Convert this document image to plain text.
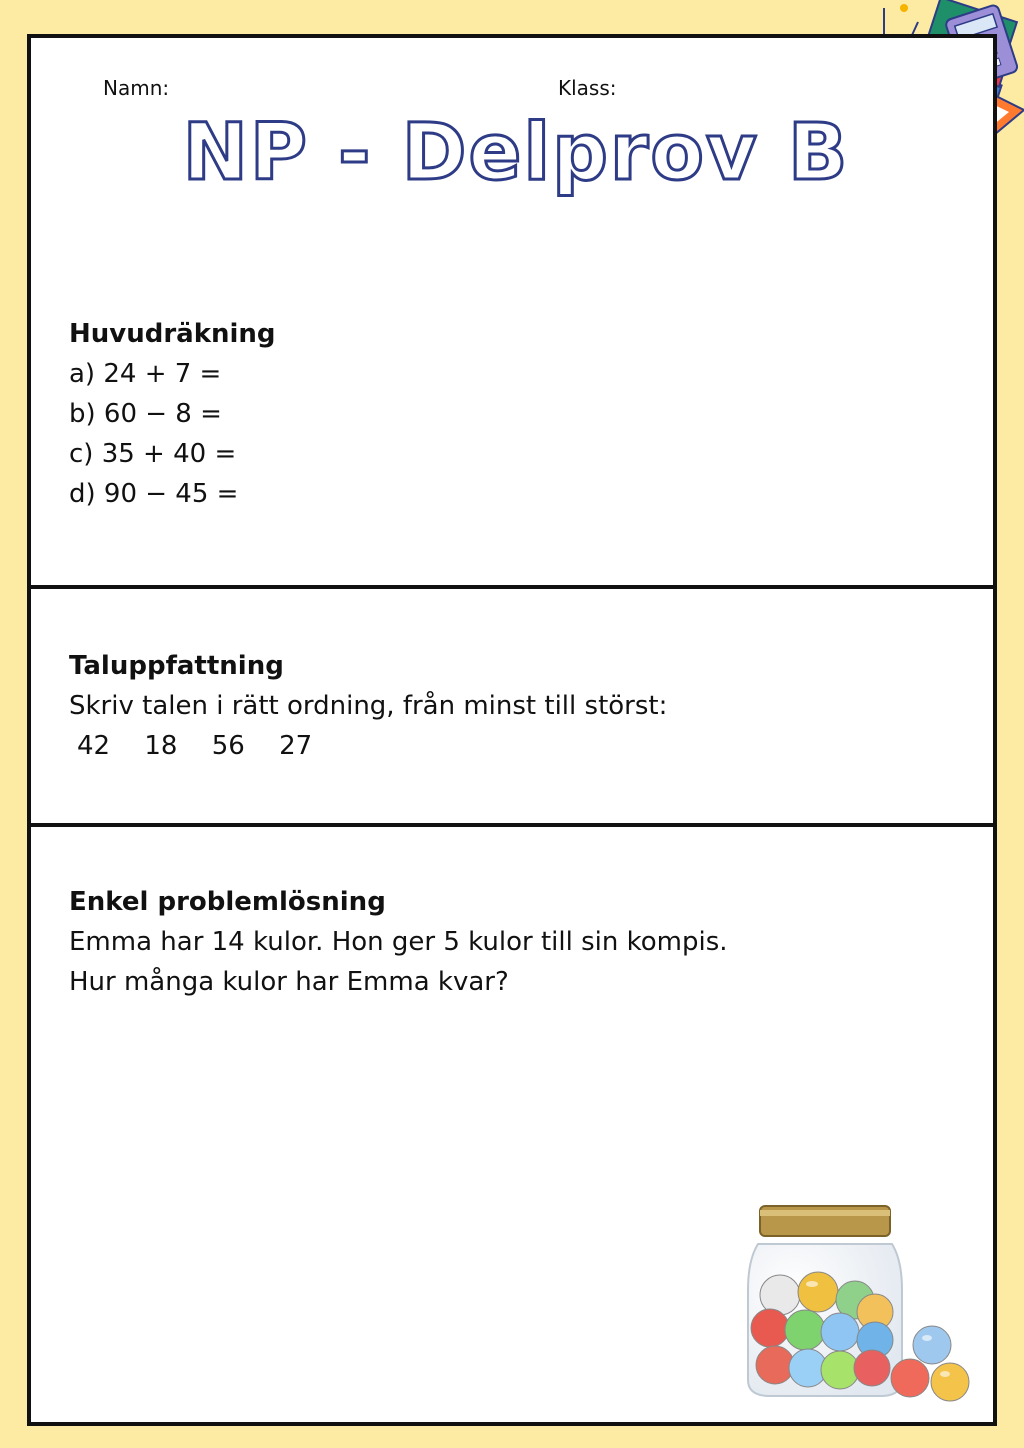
Namn:	Klass:
NP - Delprov B
Huvudräkning
a) 24 + 7 =
b) 60 − 8 =
c) 35 + 40 =
d) 90 − 45 =
Taluppfattning
Skriv talen i rätt ordning, från minst till störst:
42 18 56 27
Enkel problemlösning
Emma har 14 kulor. Hon ger 5 kulor till sin kompis.
Hur många kulor har Emma kvar?
